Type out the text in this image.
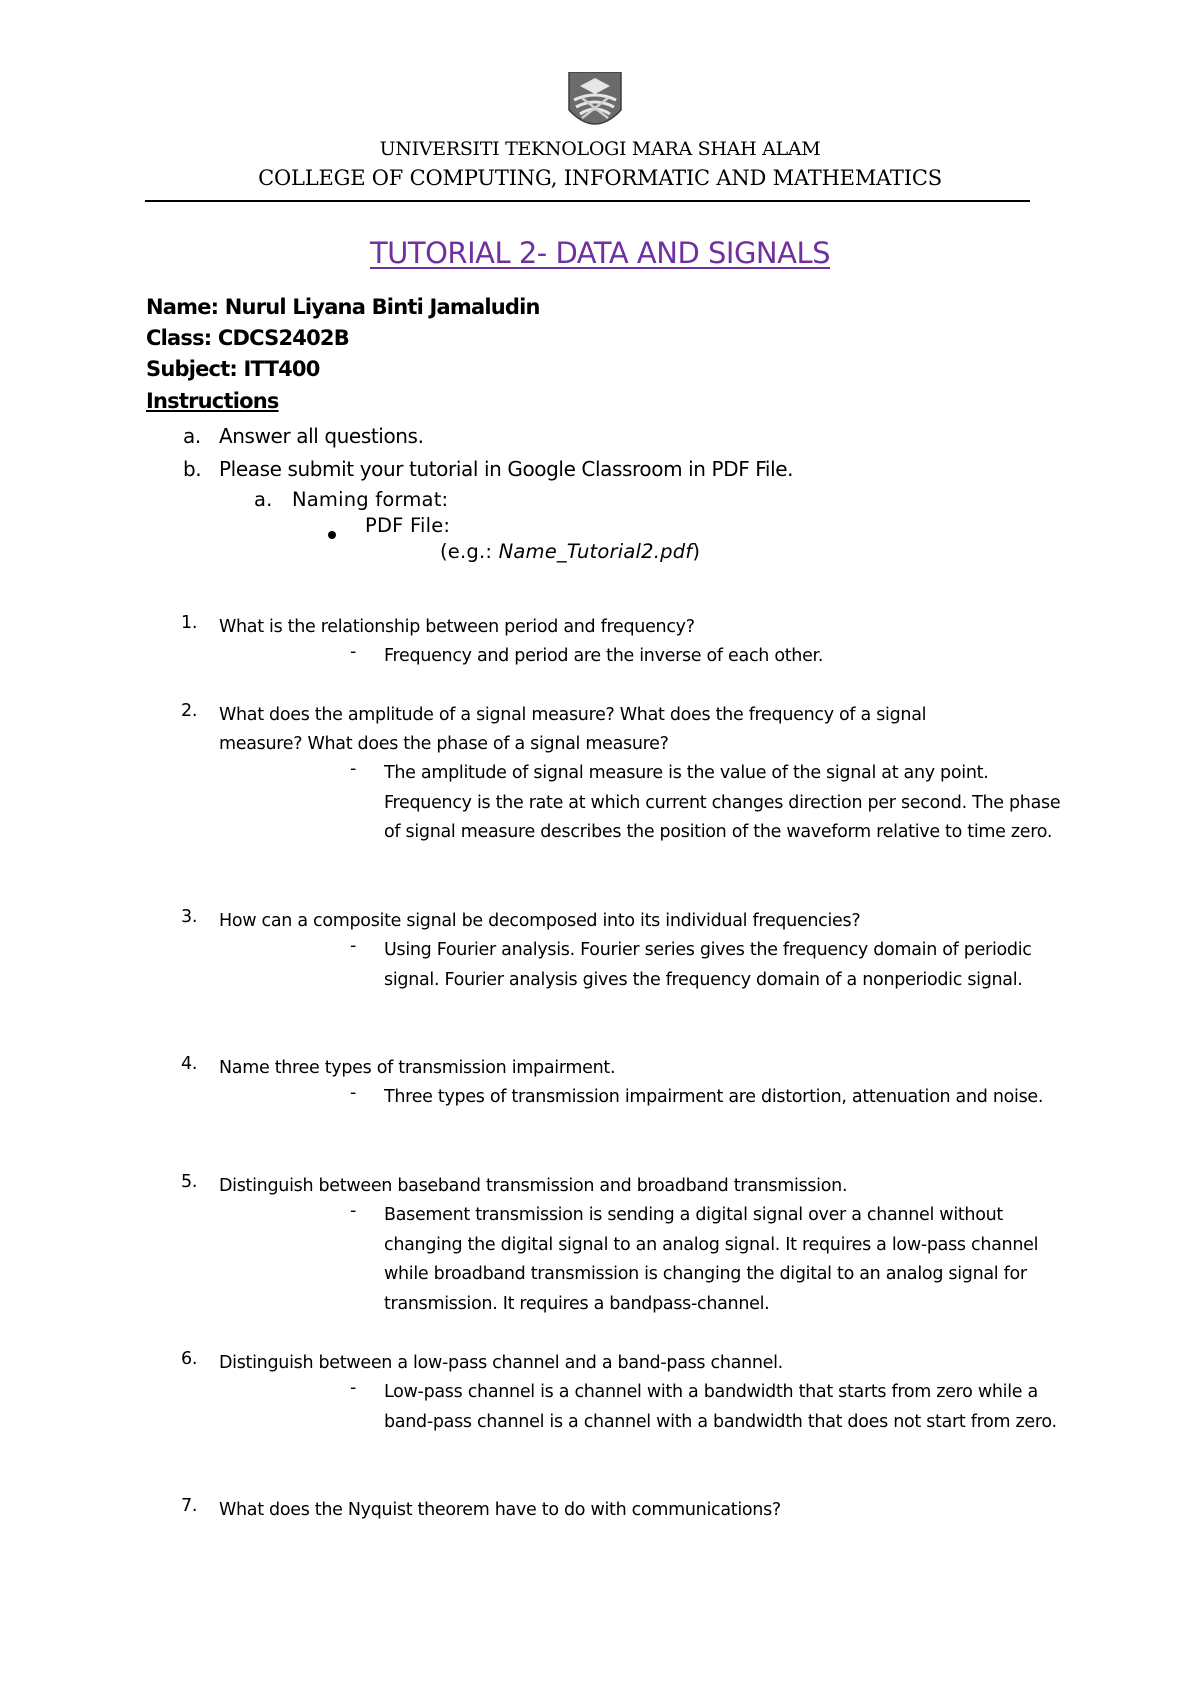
UNIVERSITI TEKNOLOGI MARA SHAH ALAM
COLLEGE OF COMPUTING, INFORMATIC AND MATHEMATICS
TUTORIAL 2- DATA AND SIGNALS
Name: Nurul Liyana Binti Jamaludin
Class: CDCS2402B
Subject: ITT400
Instructions
a. Answer all questions.
b. Please submit your tutorial in Google Classroom in PDF File.
a. Naming format:
PDF File:
(e.g.: Name_Tutorial2.pdf)
1. What is the relationship between period and frequency?
- Frequency and period are the inverse of each other.
2. What does the amplitude of a signal measure? What does the frequency of a signal measure? What does the phase of a signal measure?
- The amplitude of signal measure is the value of the signal at any point. Frequency is the rate at which current changes direction per second. The phase of signal measure describes the position of the waveform relative to time zero.
3. How can a composite signal be decomposed into its individual frequencies?
- Using Fourier analysis. Fourier series gives the frequency domain of periodic signal. Fourier analysis gives the frequency domain of a nonperiodic signal.
4. Name three types of transmission impairment.
- Three types of transmission impairment are distortion, attenuation and noise.
5. Distinguish between baseband transmission and broadband transmission.
- Basement transmission is sending a digital signal over a channel without changing the digital signal to an analog signal. It requires a low-pass channel while broadband transmission is changing the digital to an analog signal for transmission. It requires a bandpass-channel.
6. Distinguish between a low-pass channel and a band-pass channel.
- Low-pass channel is a channel with a bandwidth that starts from zero while a band-pass channel is a channel with a bandwidth that does not start from zero.
7. What does the Nyquist theorem have to do with communications?
